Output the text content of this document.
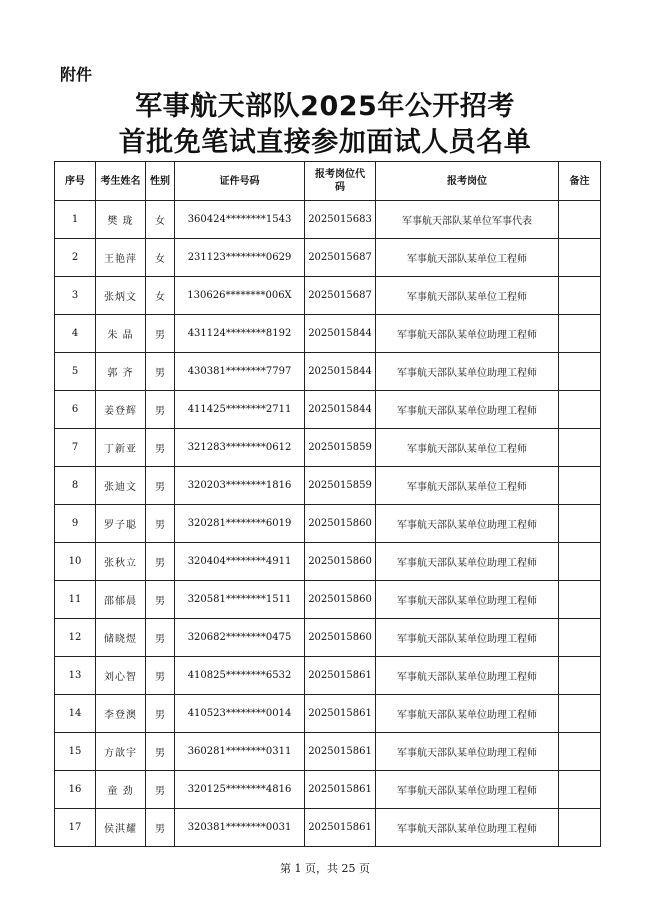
附件
军事航天部队2025年公开招考
首批免笔试直接参加面试人员名单
序号	考生姓名	性别	证件号码	报考岗位代码	报考岗位	备注
1	樊 珑	女	360424********1543	2025015683	军事航天部队某单位军事代表	
2	王艳萍	女	231123********0629	2025015687	军事航天部队某单位工程师	
3	张炳文	女	130626********006X	2025015687	军事航天部队某单位工程师	
4	朱 晶	男	431124********8192	2025015844	军事航天部队某单位助理工程师	
5	郭 齐	男	430381********7797	2025015844	军事航天部队某单位助理工程师	
6	姜登辉	男	411425********2711	2025015844	军事航天部队某单位助理工程师	
7	丁新亚	男	321283********0612	2025015859	军事航天部队某单位工程师	
8	张迪文	男	320203********1816	2025015859	军事航天部队某单位工程师	
9	罗子聪	男	320281********6019	2025015860	军事航天部队某单位助理工程师	
10	张秋立	男	320404********4911	2025015860	军事航天部队某单位助理工程师	
11	邵郁晨	男	320581********1511	2025015860	军事航天部队某单位助理工程师	
12	储晓煜	男	320682********0475	2025015860	军事航天部队某单位助理工程师	
13	刘心智	男	410825********6532	2025015861	军事航天部队某单位助理工程师	
14	李登澳	男	410523********0014	2025015861	军事航天部队某单位助理工程师	
15	方歆宇	男	360281********0311	2025015861	军事航天部队某单位助理工程师	
16	童 劲	男	320125********4816	2025015861	军事航天部队某单位助理工程师	
17	侯淇耀	男	320381********0031	2025015861	军事航天部队某单位助理工程师	
第 1 页，共 25 页
